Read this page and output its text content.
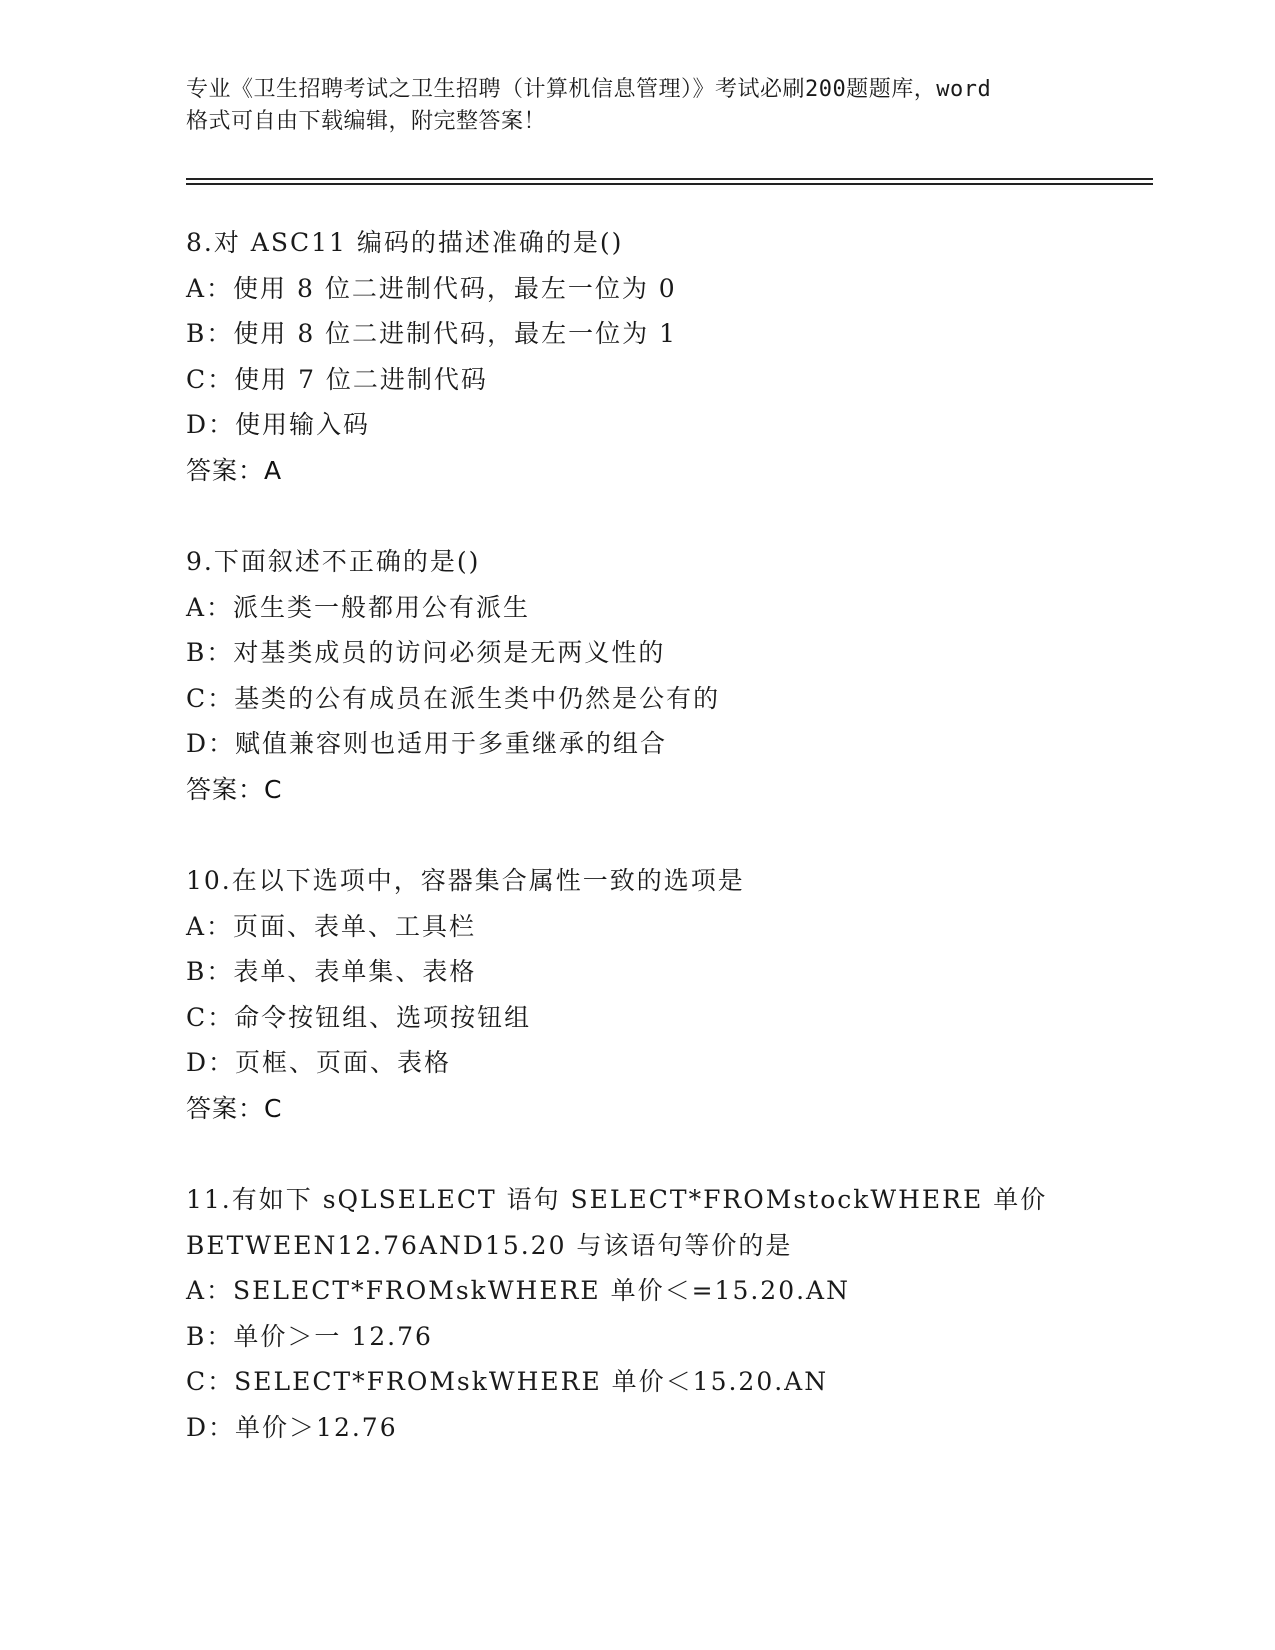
专业《卫生招聘考试之卫生招聘（计算机信息管理）》考试必刷200题题库，word
格式可自由下载编辑，附完整答案！
8.对 ASC11 编码的描述准确的是()
A：使用 8 位二进制代码，最左一位为 0
B：使用 8 位二进制代码，最左一位为 1
C：使用 7 位二进制代码
D：使用输入码
答案：A
9.下面叙述不正确的是()
A：派生类一般都用公有派生
B：对基类成员的访问必须是无两义性的
C：基类的公有成员在派生类中仍然是公有的
D：赋值兼容则也适用于多重继承的组合
答案：C
10.在以下选项中，容器集合属性一致的选项是
A：页面、表单、工具栏
B：表单、表单集、表格
C：命令按钮组、选项按钮组
D：页框、页面、表格
答案：C
11.有如下 sQLSELECT 语句 SELECT*FROMstockWHERE 单价
BETWEEN12.76AND15.20 与该语句等价的是
A：SELECT*FROMskWHERE 单价＜=15.20.AN
B：单价＞一 12.76
C：SELECT*FROMskWHERE 单价＜15.20.AN
D：单价＞12.76
